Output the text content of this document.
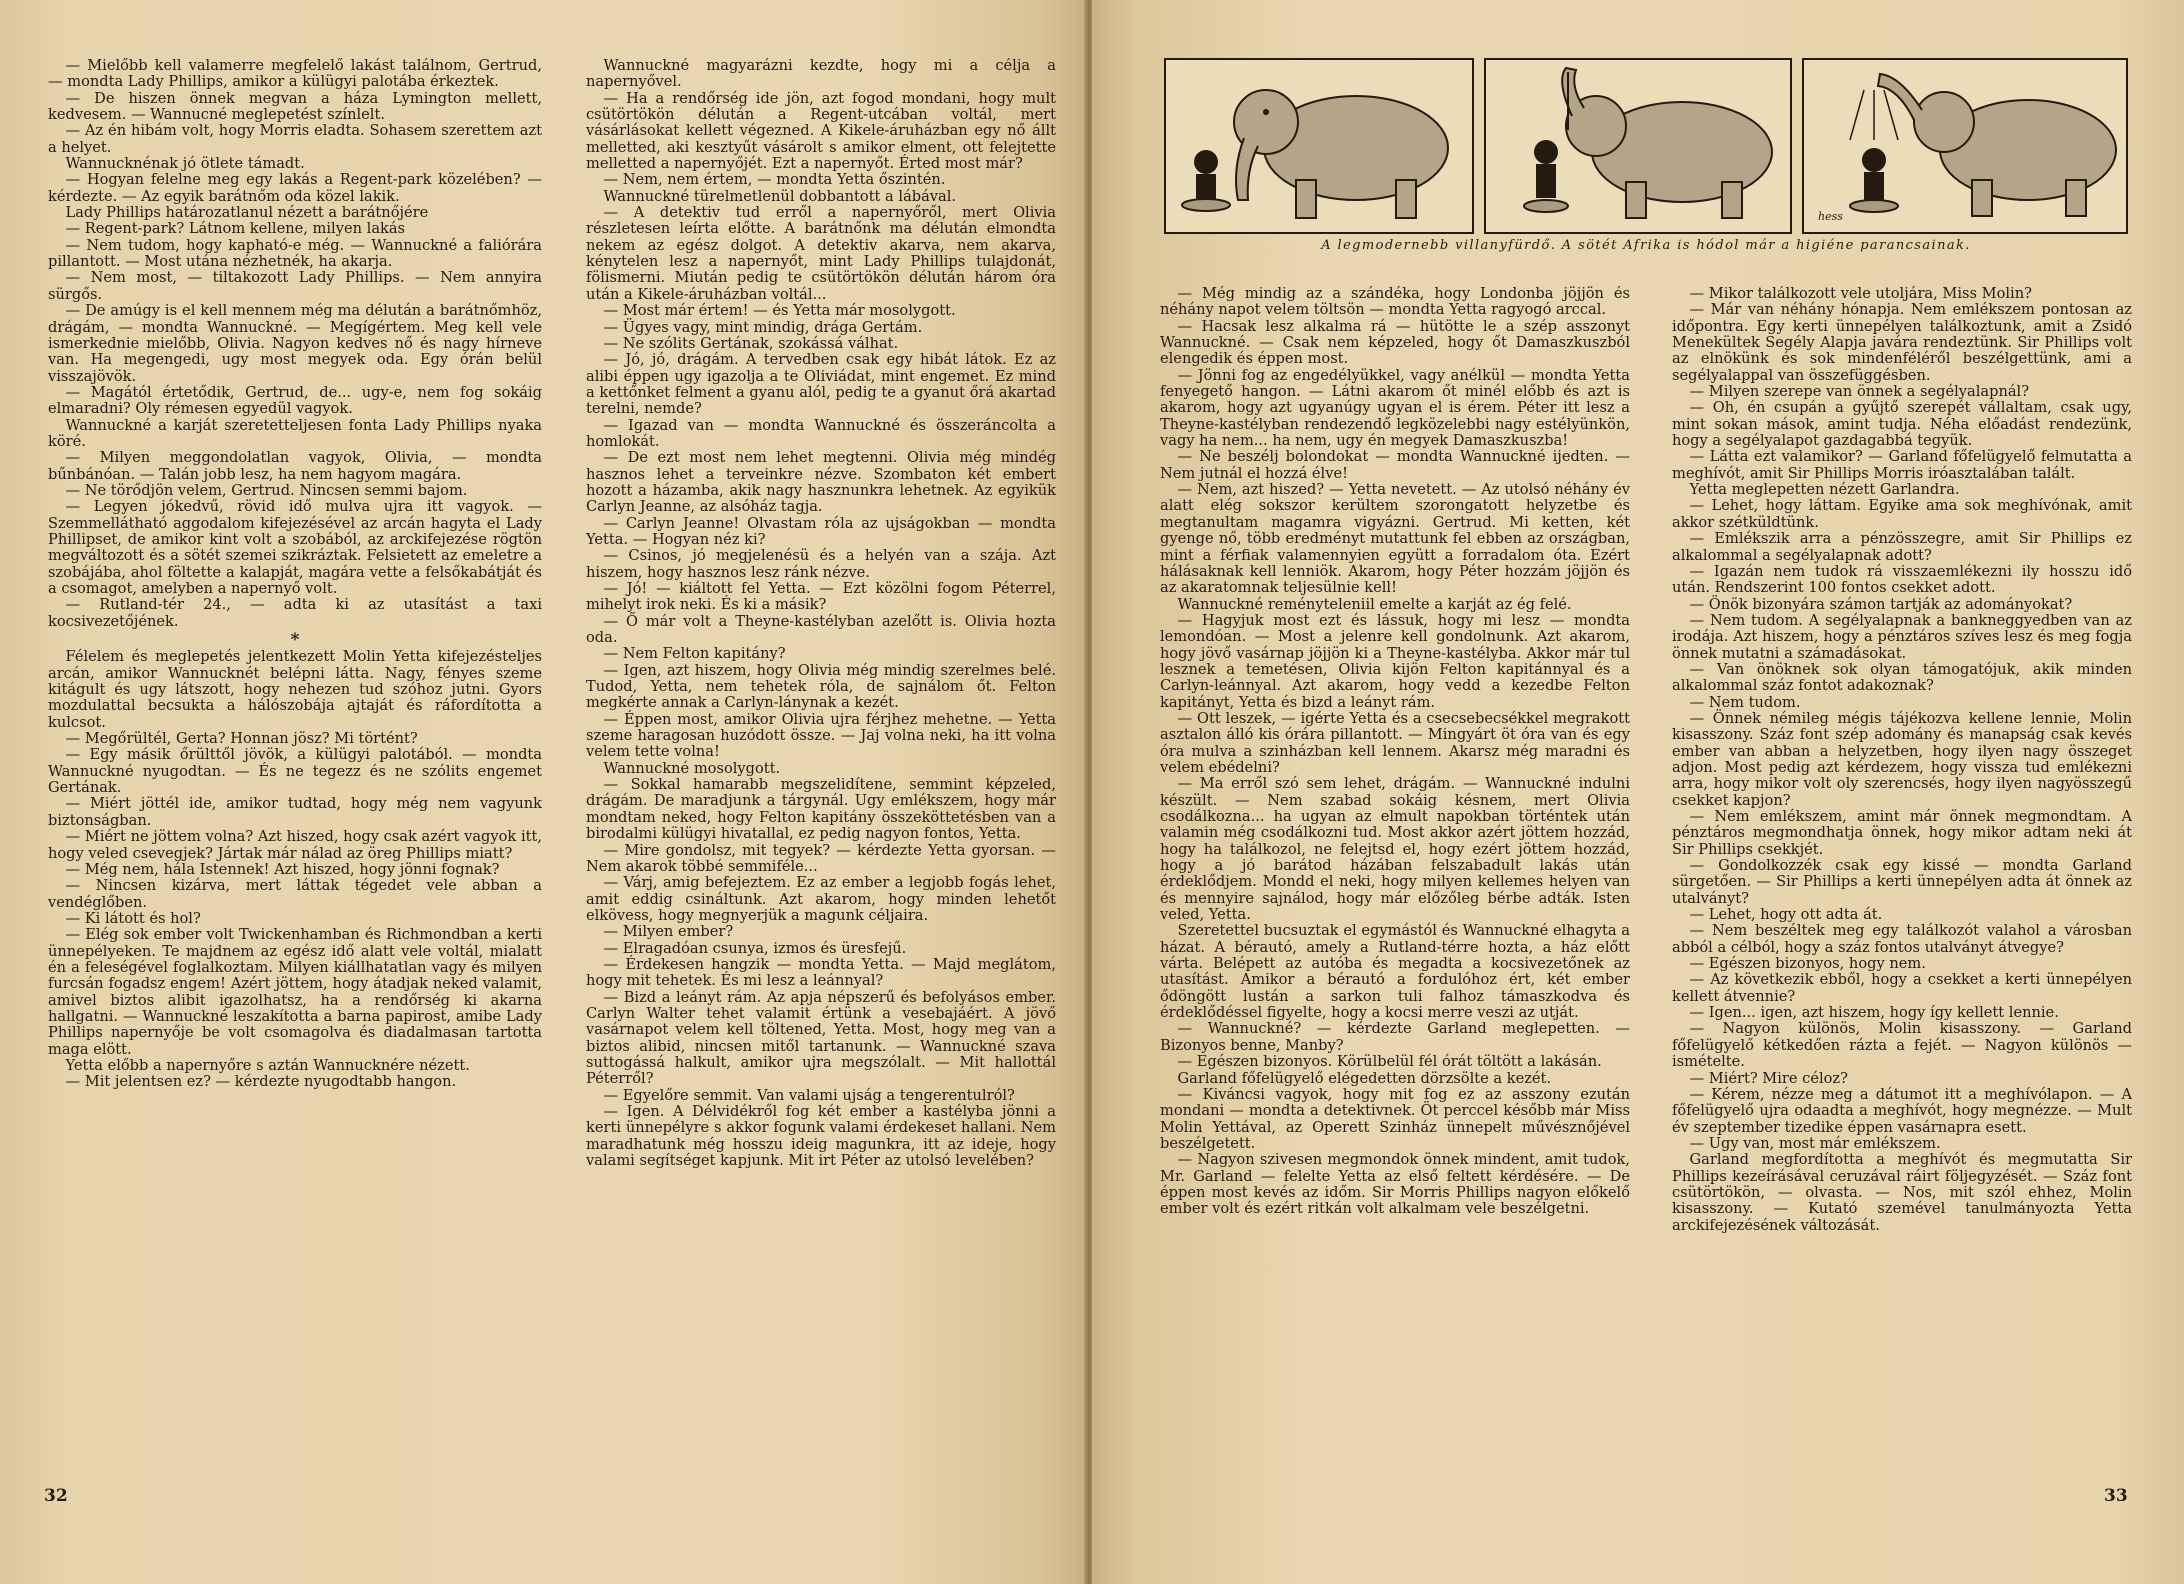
— Mielőbb kell valamerre megfelelő lakást találnom, Gertrud, — mondta Lady Phillips, amikor a külügyi palotába érkeztek.

— De hiszen önnek megvan a háza Lymington mellett, kedvesem. — Wannucné meglepetést színlelt.

— Az én hibám volt, hogy Morris eladta. Sohasem szerettem azt a helyet.

Wannucknénak jó ötlete támadt.

— Hogyan felelne meg egy lakás a Regent-park közelében? — kérdezte. — Az egyik barátnőm oda közel lakik.

Lady Phillips határozatlanul nézett a barátnőjére

— Regent-park? Látnom kellene, milyen lakás

— Nem tudom, hogy kapható-e még. — Wannuckné a faliórára pillantott. — Most utána nézhetnék, ha akarja.

— Nem most, — tiltakozott Lady Phillips. — Nem annyira sürgős.

— De amúgy is el kell mennem még ma délután a barátnőmhöz, drágám, — mondta Wannuckné. — Megígértem. Meg kell vele ismerkednie mielőbb, Olivia. Nagyon kedves nő és nagy hírneve van. Ha megengedi, ugy most megyek oda. Egy órán belül visszajövök.

— Magától értetődik, Gertrud, de... ugy-e, nem fog sokáig elmaradni? Oly rémesen egyedül vagyok.

Wannuckné a karját szeretetteljesen fonta Lady Phillips nyaka köré.

— Milyen meggondolatlan vagyok, Olivia, — mondta bűnbánóan. — Talán jobb lesz, ha nem hagyom magára.

— Ne törődjön velem, Gertrud. Nincsen semmi bajom.

— Legyen jókedvű, rövid idő mulva ujra itt vagyok. — Szemmellátható aggodalom kifejezésével az arcán hagyta el Lady Phillipset, de amikor kint volt a szobából, az arckifejezése rögtön megváltozott és a sötét szemei szikráztak. Felsietett az emeletre a szobájába, ahol föltette a kalapját, magára vette a felsőkabátját és a csomagot, amelyben a napernyő volt.

— Rutland-tér 24., — adta ki az utasítást a taxi kocsivezetőjének.

*

Félelem és meglepetés jelentkezett Molin Yetta kifejezésteljes arcán, amikor Wannucknét belépni látta. Nagy, fényes szeme kitágult és ugy látszott, hogy nehezen tud szóhoz jutni. Gyors mozdulattal becsukta a hálószobája ajtaját és ráfordította a kulcsot.

— Megőrültél, Gerta? Honnan jösz? Mi történt?

— Egy másik őrülttől jövök, a külügyi palotából. — mondta Wannuckné nyugodtan. — És ne tegezz és ne szólits engemet Gertának.

— Miért jöttél ide, amikor tudtad, hogy még nem vagyunk biztonságban.

— Miért ne jöttem volna? Azt hiszed, hogy csak azért vagyok itt, hogy veled csevegjek? Jártak már nálad az öreg Phillips miatt?

— Még nem, hála Istennek! Azt hiszed, hogy jönni fognak?

— Nincsen kizárva, mert láttak tégedet vele abban a vendéglőben.

— Ki látott és hol?

— Elég sok ember volt Twickenhamban és Richmondban a kerti ünnepélyeken. Te majdnem az egész idő alatt vele voltál, mialatt én a feleségével foglalkoztam. Milyen kiállhatatlan vagy és milyen furcsán fogadsz engem! Azért jöttem, hogy átadjak neked valamit, amivel biztos alibit igazolhatsz, ha a rendőrség ki akarna hallgatni. — Wannuckné leszakította a barna papirost, amibe Lady Phillips napernyője be volt csomagolva és diadalmasan tartotta maga elött.

Yetta előbb a napernyőre s aztán Wannucknére nézett.

— Mit jelentsen ez? — kérdezte nyugodtabb hangon.

Wannuckné magyarázni kezdte, hogy mi a célja a napernyővel.

— Ha a rendőrség ide jön, azt fogod mondani, hogy mult csütörtökön délután a Regent-utcában voltál, mert vásárlásokat kellett végezned. A Kikele-áruházban egy nő állt melletted, aki kesztyűt vásárolt s amikor elment, ott felejtette melletted a napernyőjét. Ezt a napernyőt. Érted most már?

— Nem, nem értem, — mondta Yetta őszintén.

Wannuckné türelmetlenül dobbantott a lábával.

— A detektiv tud erről a napernyőről, mert Olivia részletesen leírta előtte. A barátnőnk ma délután elmondta nekem az egész dolgot. A detektiv akarva, nem akarva, kénytelen lesz a napernyőt, mint Lady Phillips tulajdonát, fölismerni. Miután pedig te csütörtökön délután három óra után a Kikele-áruházban voltál...

— Most már értem! — és Yetta már mosolygott.

— Ügyes vagy, mint mindig, drága Gertám.

— Ne szólits Gertának, szokássá válhat.

— Jó, jó, drágám. A tervedben csak egy hibát látok. Ez az alibi éppen ugy igazolja a te Oliviádat, mint engemet. Ez mind a kettőnket felment a gyanu alól, pedig te a gyanut őrá akartad terelni, nemde?

— Igazad van — mondta Wannuckné és összeráncolta a homlokát.

— De ezt most nem lehet megtenni. Olivia még mindég hasznos lehet a terveinkre nézve. Szombaton két embert hozott a házamba, akik nagy hasznunkra lehetnek. Az egyikük Carlyn Jeanne, az alsóház tagja.

— Carlyn Jeanne! Olvastam róla az ujságokban — mondta Yetta. — Hogyan néz ki?

— Csinos, jó megjelenésü és a helyén van a szája. Azt hiszem, hogy hasznos lesz ránk nézve.

— Jó! — kiáltott fel Yetta. — Ezt közölni fogom Péterrel, mihelyt irok neki. És ki a másik?

— Ő már volt a Theyne-kastélyban azelőtt is. Olivia hozta oda.

— Nem Felton kapitány?

— Igen, azt hiszem, hogy Olivia még mindig szerelmes belé. Tudod, Yetta, nem tehetek róla, de sajnálom őt. Felton megkérte annak a Carlyn-lánynak a kezét.

— Éppen most, amikor Olivia ujra férjhez mehetne. — Yetta szeme haragosan huzódott össze. — Jaj volna neki, ha itt volna velem tette volna!

Wannuckné mosolygott.

— Sokkal hamarabb megszelidítene, semmint képzeled, drágám. De maradjunk a tárgynál. Ugy emlékszem, hogy már mondtam neked, hogy Felton kapitány összeköttetésben van a birodalmi külügyi hivatallal, ez pedig nagyon fontos, Yetta.

— Mire gondolsz, mit tegyek? — kérdezte Yetta gyorsan. — Nem akarok többé semmiféle...

— Várj, amig befejeztem. Ez az ember a legjobb fogás lehet, amit eddig csináltunk. Azt akarom, hogy minden lehetőt elkövess, hogy megnyerjük a magunk céljaira.

— Milyen ember?

— Elragadóan csunya, izmos és üresfejű.

— Érdekesen hangzik — mondta Yetta. — Majd meglátom, hogy mit tehetek. És mi lesz a leánnyal?

— Bizd a leányt rám. Az apja népszerű és befolyásos ember. Carlyn Walter tehet valamit értünk a vesebajáért. A jövő vasárnapot velem kell töltened, Yetta. Most, hogy meg van a biztos alibid, nincsen mitől tartanunk. — Wannuckné szava suttogássá halkult, amikor ujra megszólalt. — Mit hallottál Péterről?

— Egyelőre semmit. Van valami ujság a tengerentulról?

— Igen. A Délvidékről fog két ember a kastélyba jönni a kerti ünnepélyre s akkor fogunk valami érdekeset hallani. Nem maradhatunk még hosszu ideig magunkra, itt az ideje, hogy valami segítséget kapjunk. Mit irt Péter az utolsó levelében?

32
hess
A legmodernebb villanyfürdő. A sötét Afrika is hódol már a higiéne parancsainak.

— Még mindig az a szándéka, hogy Londonba jöjjön és néhány napot velem töltsön — mondta Yetta ragyogó arccal.

— Hacsak lesz alkalma rá — hütötte le a szép asszonyt Wannuckné. — Csak nem képzeled, hogy őt Damaszkuszból elengedik és éppen most.

— Jönni fog az engedélyükkel, vagy anélkül — mondta Yetta fenyegető hangon. — Látni akarom őt minél előbb és azt is akarom, hogy azt ugyanúgy ugyan el is érem. Péter itt lesz a Theyne-kastélyban rendezendő legközelebbi nagy estélyünkön, vagy ha nem... ha nem, ugy én megyek Damaszkuszba!

— Ne beszélj bolondokat — mondta Wannuckné ijedten. — Nem jutnál el hozzá élve!

— Nem, azt hiszed? — Yetta nevetett. — Az utolsó néhány év alatt elég sokszor kerültem szorongatott helyzetbe és megtanultam magamra vigyázni. Gertrud. Mi ketten, két gyenge nő, több eredményt mutattunk fel ebben az országban, mint a férfiak valamennyien együtt a forradalom óta. Ezért hálásaknak kell lenniök. Akarom, hogy Péter hozzám jöjjön és az akaratomnak teljesülnie kell!

Wannuckné reményteleniil emelte a karját az ég felé.

— Hagyjuk most ezt és lássuk, hogy mi lesz — mondta lemondóan. — Most a jelenre kell gondolnunk. Azt akarom, hogy jövő vasárnap jöjjön ki a Theyne-kastélyba. Akkor már tul lesznek a temetésen, Olivia kijön Felton kapitánnyal és a Carlyn-leánnyal. Azt akarom, hogy vedd a kezedbe Felton kapitányt, Yetta és bizd a leányt rám.

— Ott leszek, — igérte Yetta és a csecsebecsékkel megrakott asztalon álló kis órára pillantott. — Mingyárt öt óra van és egy óra mulva a szinházban kell lennem. Akarsz még maradni és velem ebédelni?

— Ma erről szó sem lehet, drágám. — Wannuckné indulni készült. — Nem szabad sokáig késnem, mert Olivia csodálkozna... ha ugyan az elmult napokban történtek után valamin még csodálkozni tud. Most akkor azért jöttem hozzád, hogy ha találkozol, ne felejtsd el, hogy ezért jöttem hozzád, hogy a jó barátod házában felszabadult lakás után érdeklődjem. Mondd el neki, hogy milyen kellemes helyen van és mennyire sajnálod, hogy már előzőleg bérbe adták. Isten veled, Yetta.

Szeretettel bucsuztak el egymástól és Wannuckné elhagyta a házat. A bérautó, amely a Rutland-térre hozta, a ház előtt várta. Belépett az autóba és megadta a kocsivezetőnek az utasítást. Amikor a bérautó a fordulóhoz ért, két ember ődöngött lustán a sarkon tuli falhoz támaszkodva és érdeklődéssel figyelte, hogy a kocsi merre veszi az utját.

— Wannuckné? — kérdezte Garland meglepetten. — Bizonyos benne, Manby?

— Egészen bizonyos. Körülbelül fél órát töltött a lakásán.

Garland főfelügyelő elégedetten dörzsölte a kezét.

— Kiváncsi vagyok, hogy mit fog ez az asszony ezután mondani — mondta a detektivnek. Öt perccel később már Miss Molin Yettával, az Operett Szinház ünnepelt művésznőjével beszélgetett.

— Nagyon szivesen megmondok önnek mindent, amit tudok, Mr. Garland — felelte Yetta az első feltett kérdésére. — De éppen most kevés az időm. Sir Morris Phillips nagyon előkelő ember volt és ezért ritkán volt alkalmam vele beszélgetni.

— Mikor találkozott vele utoljára, Miss Molin?

— Már van néhány hónapja. Nem emlékszem pontosan az időpontra. Egy kerti ünnepélyen találkoztunk, amit a Zsidó Menekültek Segély Alapja javára rendeztünk. Sir Phillips volt az elnökünk és sok mindenféléről beszélgettünk, ami a segélyalappal van összefüggésben.

— Milyen szerepe van önnek a segélyalapnál?

— Oh, én csupán a gyűjtő szerepét vállaltam, csak ugy, mint sokan mások, amint tudja. Néha előadást rendezünk, hogy a segélyalapot gazdagabbá tegyük.

— Látta ezt valamikor? — Garland főfelügyelő felmutatta a meghívót, amit Sir Phillips Morris iróasztalában talált.

Yetta meglepetten nézett Garlandra.

— Lehet, hogy láttam. Egyike ama sok meghívónak, amit akkor szétküldtünk.

— Emlékszik arra a pénzösszegre, amit Sir Phillips ez alkalommal a segélyalapnak adott?

— Igazán nem tudok rá visszaemlékezni ily hosszu idő után. Rendszerint 100 fontos csekket adott.

— Önök bizonyára számon tartják az adományokat?

— Nem tudom. A segélyalapnak a bankneggyedben van az irodája. Azt hiszem, hogy a pénztáros szíves lesz és meg fogja önnek mutatni a számadásokat.

— Van önöknek sok olyan támogatójuk, akik minden alkalommal száz fontot adakoznak?

— Nem tudom.

— Önnek némileg mégis tájékozva kellene lennie, Molin kisasszony. Száz font szép adomány és manapság csak kevés ember van abban a helyzetben, hogy ilyen nagy összeget adjon. Most pedig azt kérdezem, hogy vissza tud emlékezni arra, hogy mikor volt oly szerencsés, hogy ilyen nagyösszegű csekket kapjon?

— Nem emlékszem, amint már önnek megmondtam. A pénztáros megmondhatja önnek, hogy mikor adtam neki át Sir Phillips csekkjét.

— Gondolkozzék csak egy kissé — mondta Garland sürgetően. — Sir Phillips a kerti ünnepélyen adta át önnek az utalványt?

— Lehet, hogy ott adta át.

— Nem beszéltek meg egy találkozót valahol a városban abból a célból, hogy a száz fontos utalványt átvegye?

— Egészen bizonyos, hogy nem.

— Az következik ebből, hogy a csekket a kerti ünnepélyen kellett átvennie?

— Igen... igen, azt hiszem, hogy így kellett lennie.

— Nagyon különös, Molin kisasszony. — Garland főfelügyelő kétkedően rázta a fejét. — Nagyon különös — ismételte.

— Miért? Mire céloz?

— Kérem, nézze meg a dátumot itt a meghívólapon. — A főfelügyelő ujra odaadta a meghívót, hogy megnézze. — Mult év szeptember tizedike éppen vasárnapra esett.

— Ugy van, most már emlékszem.

Garland megfordította a meghívót és megmutatta Sir Phillips kezeírásával ceruzával ráirt följegyzését. — Száz font csütörtökön, — olvasta. — Nos, mit szól ehhez, Molin kisasszony. — Kutató szemével tanulmányozta Yetta arckifejezésének változását.

33
